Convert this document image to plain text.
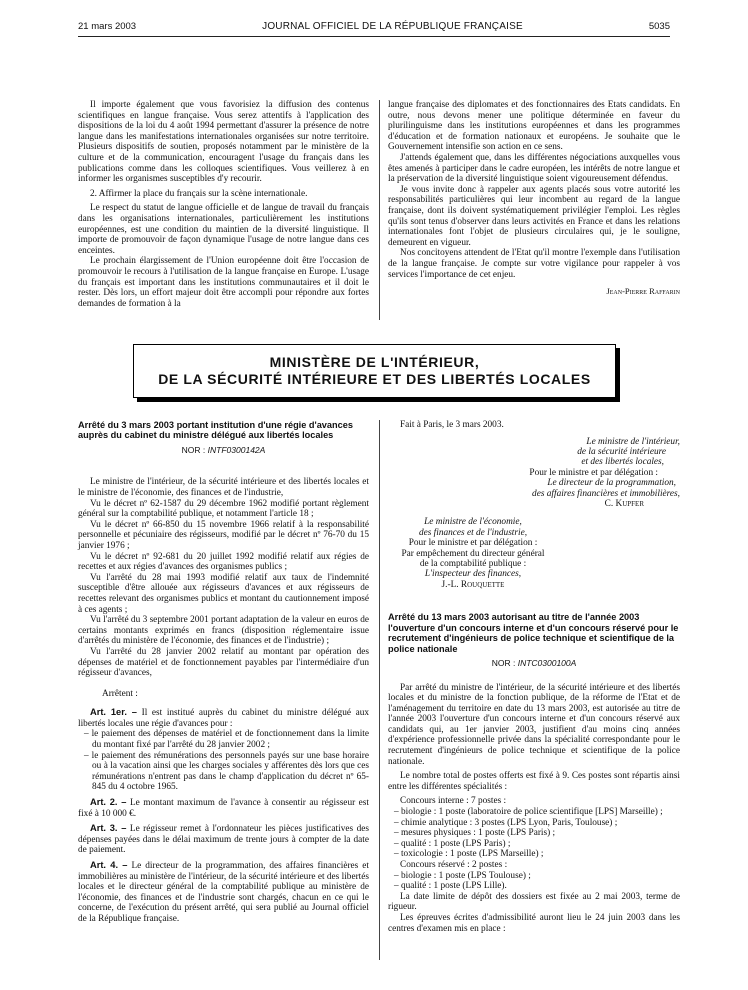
21 mars 2003	JOURNAL OFFICIEL DE LA RÉPUBLIQUE FRANÇAISE	5035

Il importe également que vous favorisiez la diffusion des contenus scientifiques en langue française. Vous serez attentifs à l'application des dispositions de la loi du 4 août 1994 permettant d'assurer la présence de notre langue dans les manifestations internationales organisées sur notre territoire. Plusieurs dispositifs de soutien, proposés notamment par le ministère de la culture et de la communication, encouragent l'usage du français dans les publications comme dans les colloques scientifiques. Vous veillerez à en informer les organismes susceptibles d'y recourir.

2. Affirmer la place du français sur la scène internationale.

Le respect du statut de langue officielle et de langue de travail du français dans les organisations internationales, particulièrement les institutions européennes, est une condition du maintien de la diversité linguistique. Il importe de promouvoir de façon dynamique l'usage de notre langue dans ces enceintes.

Le prochain élargissement de l'Union européenne doit être l'occasion de promouvoir le recours à l'utilisation de la langue française en Europe. L'usage du français est important dans les institutions communautaires et il doit le rester. Dès lors, un effort majeur doit être accompli pour répondre aux fortes demandes de formation à la

langue française des diplomates et des fonctionnaires des Etats candidats. En outre, nous devons mener une politique déterminée en faveur du plurilinguisme dans les institutions européennes et dans les programmes d'éducation et de formation nationaux et européens. Je souhaite que le Gouvernement intensifie son action en ce sens.

J'attends également que, dans les différentes négociations auxquelles vous êtes amenés à participer dans le cadre européen, les intérêts de notre langue et la préservation de la diversité linguistique soient vigoureusement défendus.

Je vous invite donc à rappeler aux agents placés sous votre autorité les responsabilités particulières qui leur incombent au regard de la langue française, dont ils doivent systématiquement privilégier l'emploi. Les règles qu'ils sont tenus d'observer dans leurs activités en France et dans les relations internationales font l'objet de plusieurs circulaires qui, je le souligne, demeurent en vigueur.

Nos concitoyens attendent de l'Etat qu'il montre l'exemple dans l'utilisation de la langue française. Je compte sur votre vigilance pour rappeler à vos services l'importance de cet enjeu.

Jean-Pierre Raffarin

MINISTÈRE DE L'INTÉRIEUR,
DE LA SÉCURITÉ INTÉRIEURE ET DES LIBERTÉS LOCALES

Arrêté du 3 mars 2003 portant institution d'une régie d'avances auprès du cabinet du ministre délégué aux libertés locales

NOR : INTF0300142A

Le ministre de l'intérieur, de la sécurité intérieure et des libertés locales et le ministre de l'économie, des finances et de l'industrie,

Vu le décret nº 62-1587 du 29 décembre 1962 modifié portant règlement général sur la comptabilité publique, et notamment l'article 18 ;

Vu le décret nº 66-850 du 15 novembre 1966 relatif à la responsabilité personnelle et pécuniaire des régisseurs, modifié par le décret nº 76-70 du 15 janvier 1976 ;

Vu le décret nº 92-681 du 20 juillet 1992 modifié relatif aux régies de recettes et aux régies d'avances des organismes publics ;

Vu l'arrêté du 28 mai 1993 modifié relatif aux taux de l'indemnité susceptible d'être allouée aux régisseurs d'avances et aux régisseurs de recettes relevant des organismes publics et montant du cautionnement imposé à ces agents ;

Vu l'arrêté du 3 septembre 2001 portant adaptation de la valeur en euros de certains montants exprimés en francs (disposition réglementaire issue d'arrêtés du ministère de l'économie, des finances et de l'industrie) ;

Vu l'arrêté du 28 janvier 2002 relatif au montant par opération des dépenses de matériel et de fonctionnement payables par l'intermédiaire d'un régisseur d'avances,

Arrêtent :

Art. 1er. – Il est institué auprès du cabinet du ministre délégué aux libertés locales une régie d'avances pour :

– le paiement des dépenses de matériel et de fonctionnement dans la limite du montant fixé par l'arrêté du 28 janvier 2002 ;

– le paiement des rémunérations des personnels payés sur une base horaire ou à la vacation ainsi que les charges sociales y afférentes dès lors que ces rémunérations n'entrent pas dans le champ d'application du décret nº 65-845 du 4 octobre 1965.

Art. 2. – Le montant maximum de l'avance à consentir au régisseur est fixé à 10 000 €.

Art. 3. – Le régisseur remet à l'ordonnateur les pièces justificatives des dépenses payées dans le délai maximum de trente jours à compter de la date de paiement.

Art. 4. – Le directeur de la programmation, des affaires financières et immobilières au ministère de l'intérieur, de la sécurité intérieure et des libertés locales et le directeur général de la comptabilité publique au ministère de l'économie, des finances et de l'industrie sont chargés, chacun en ce qui le concerne, de l'exécution du présent arrêté, qui sera publié au Journal officiel de la République française.

Fait à Paris, le 3 mars 2003.

Le ministre de l'intérieur,
de la sécurité intérieure
et des libertés locales,
Pour le ministre et par délégation :
Le directeur de la programmation,
des affaires financières et immobilières,
C. Kupfer
Le ministre de l'économie,
des finances et de l'industrie,
Pour le ministre et par délégation :
Par empêchement du directeur général
de la comptabilité publique :
L'inspecteur des finances,
J.-L. Rouquette

Arrêté du 13 mars 2003 autorisant au titre de l'année 2003 l'ouverture d'un concours interne et d'un concours réservé pour le recrutement d'ingénieurs de police technique et scientifique de la police nationale

NOR : INTC0300100A

Par arrêté du ministre de l'intérieur, de la sécurité intérieure et des libertés locales et du ministre de la fonction publique, de la réforme de l'Etat et de l'aménagement du territoire en date du 13 mars 2003, est autorisée au titre de l'année 2003 l'ouverture d'un concours interne et d'un concours réservé aux candidats qui, au 1er janvier 2003, justifient d'au moins cinq années d'expérience professionnelle privée dans la spécialité correspondante pour le recrutement d'ingénieurs de police technique et scientifique de la police nationale.

Le nombre total de postes offerts est fixé à 9. Ces postes sont répartis ainsi entre les différentes spécialités :

Concours interne : 7 postes :

– biologie : 1 poste (laboratoire de police scientifique [LPS] Marseille) ;

– chimie analytique : 3 postes (LPS Lyon, Paris, Toulouse) ;

– mesures physiques : 1 poste (LPS Paris) ;

– qualité : 1 poste (LPS Paris) ;

– toxicologie : 1 poste (LPS Marseille) ;

Concours réservé : 2 postes :

– biologie : 1 poste (LPS Toulouse) ;

– qualité : 1 poste (LPS Lille).

La date limite de dépôt des dossiers est fixée au 2 mai 2003, terme de rigueur.

Les épreuves écrites d'admissibilité auront lieu le 24 juin 2003 dans les centres d'examen mis en place :
